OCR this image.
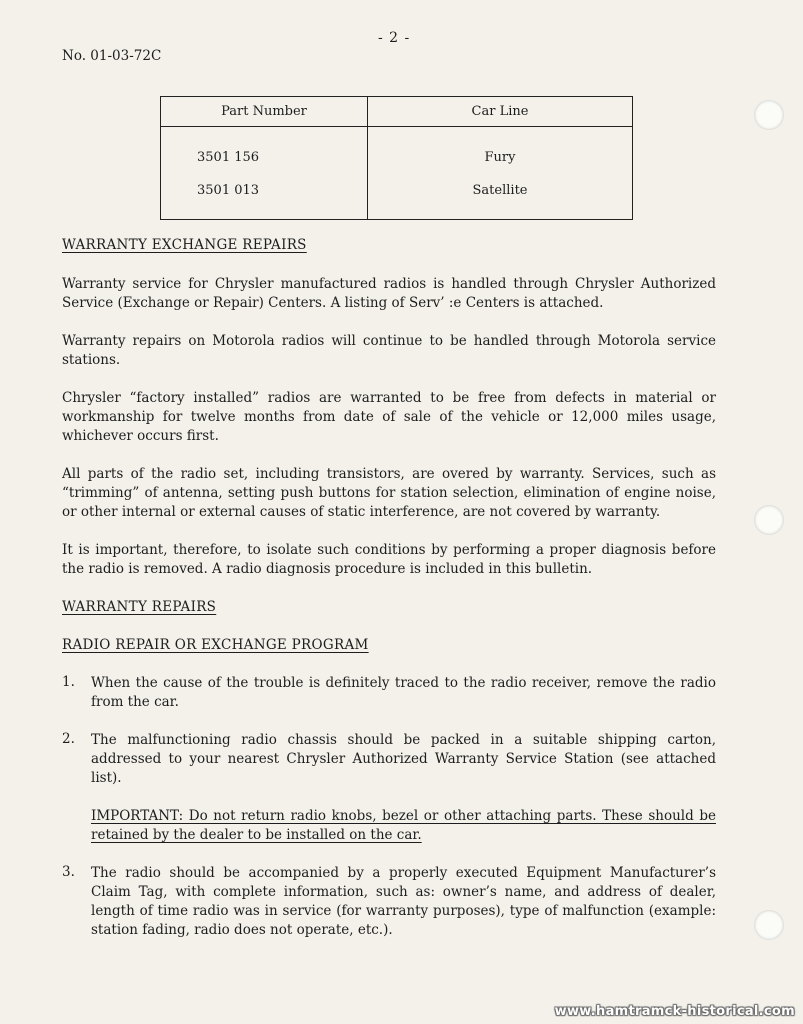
- 2 -
No. 01-03-72C
Part Number	Car Line
3501 156	Fury
3501 013	Satellite
WARRANTY EXCHANGE REPAIRS
Warranty service for Chrysler manufactured radios is handled through Chrysler Authorized Service (Exchange or Repair) Centers. A listing of Serv’ :e Centers is attached.
Warranty repairs on Motorola radios will continue to be handled through Motorola service stations.
Chrysler “factory installed” radios are warranted to be free from defects in material or workmanship for twelve months from date of sale of the vehicle or 12,000 miles usage, whichever occurs first.
All parts of the radio set, including transistors, are overed by warranty. Services, such as “trimming” of antenna, setting push buttons for station selection, elimination of engine noise, or other internal or external causes of static interference, are not covered by warranty.
It is important, therefore, to isolate such conditions by performing a proper diagnosis before the radio is removed. A radio diagnosis procedure is included in this bulletin.
WARRANTY REPAIRS
RADIO REPAIR OR EXCHANGE PROGRAM
1. When the cause of the trouble is definitely traced to the radio receiver, remove the radio from the car.
2. The malfunctioning radio chassis should be packed in a suitable shipping carton, addressed to your nearest Chrysler Authorized Warranty Service Station (see attached list).
IMPORTANT: Do not return radio knobs, bezel or other attaching parts. These should be retained by the dealer to be installed on the car.
3. The radio should be accompanied by a properly executed Equipment Manufacturer’s Claim Tag, with complete information, such as: owner’s name, and address of dealer, length of time radio was in service (for warranty purposes), type of malfunction (example: station fading, radio does not operate, etc.).
www.hamtramck-historical.com
